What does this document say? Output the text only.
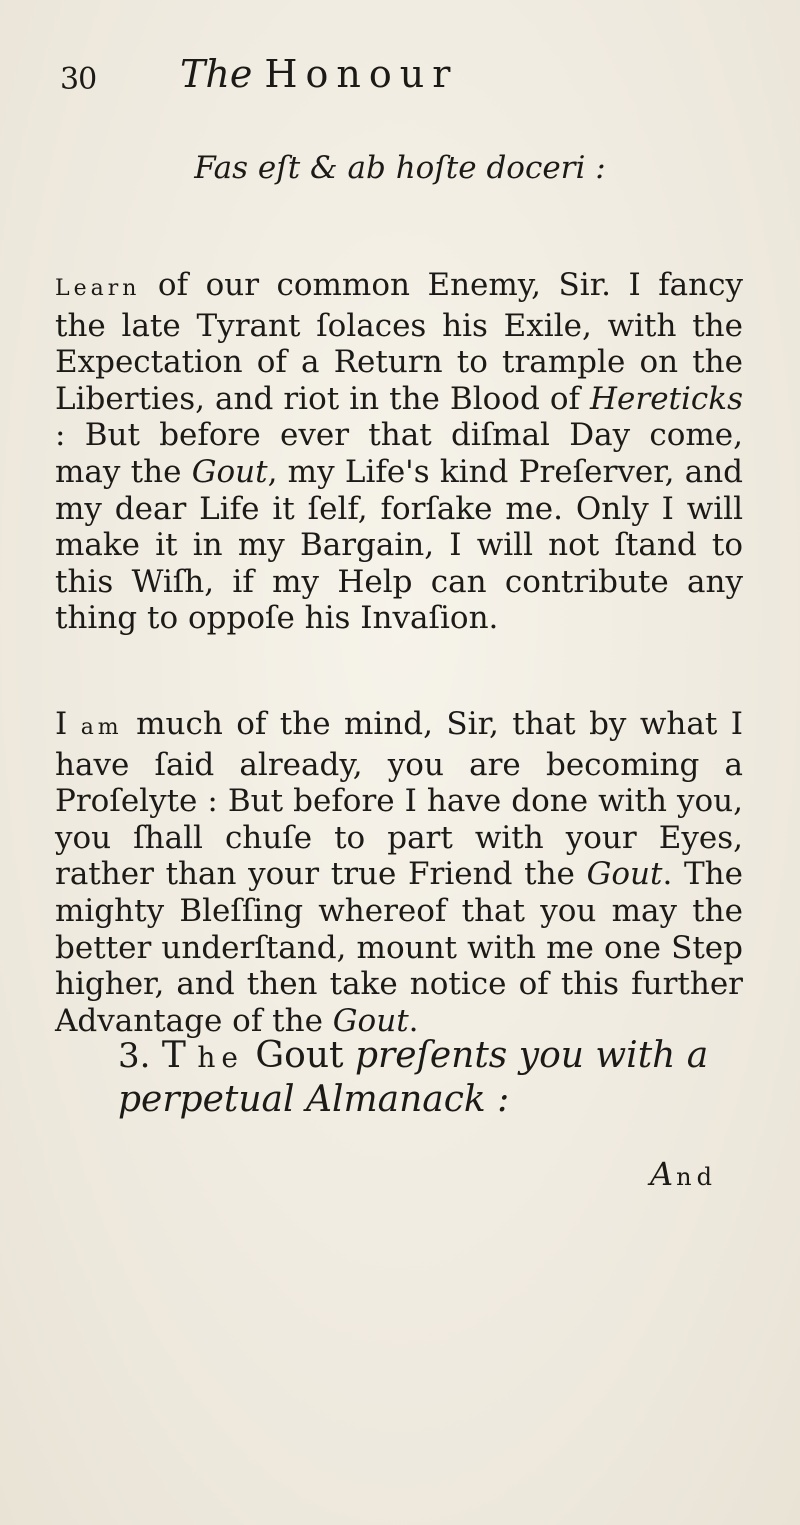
30 The Honour
Fas eſt & ab hoſte doceri :
Learn of our common Enemy, Sir. I fancy the late Tyrant ſolaces his Exile, with the Expectation of a Return to trample on the Liberties, and riot in the Blood of Hereticks : But before ever that diſmal Day come, may the Gout, my Life's kind Preſerver, and my dear Life it ſelf, forſake me. Only I will make it in my Bargain, I will not ſtand to this Wiſh, if my Help can contribute any thing to oppoſe his Invaſion.
I am much of the mind, Sir, that by what I have ſaid already, you are becoming a Proſelyte : But before I have done with you, you ſhall chuſe to part with your Eyes, rather than your true Friend the Gout. The mighty Bleſſing whereof that you may the better underſtand, mount with me one Step higher, and then take notice of this further Advantage of the Gout.
3. T he Gout preſents you with a perpetual Almanack :
And
